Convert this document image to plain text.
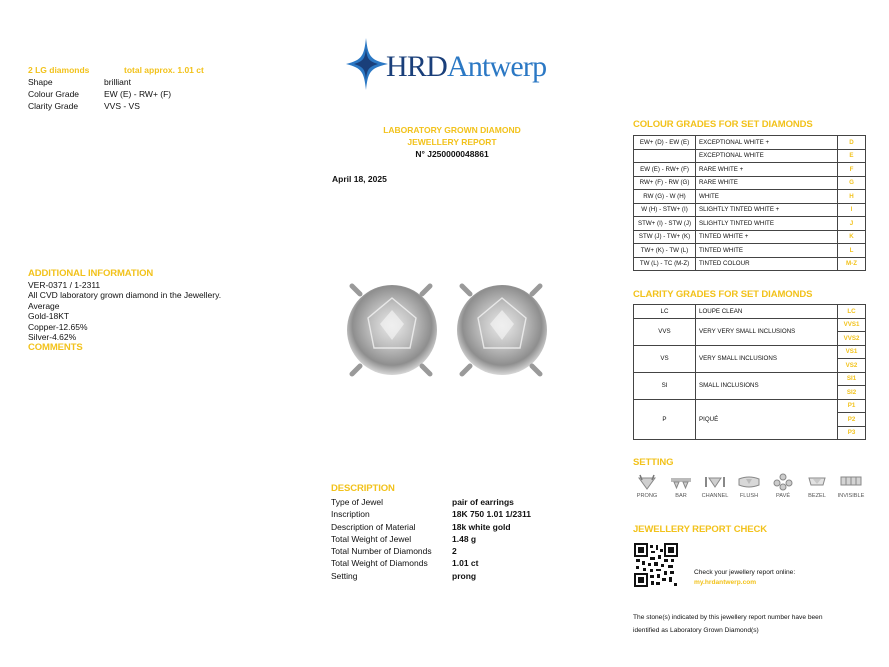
2 LG diamonds	total approx. 1.01 ct
Shape	brilliant
Colour Grade	EW (E) - RW+ (F)
Clarity Grade	VVS - VS
ADDITIONAL INFORMATION
VER-0371 / 1-2311
All CVD laboratory grown diamond in the Jewellery.
Average
Gold-18KT
Copper-12.65%
Silver-4.62%
COMMENTS
HRDAntwerp
LABORATORY GROWN DIAMOND
JEWELLERY REPORT
N° J250000048861
April 18, 2025
DESCRIPTION
Type of Jewel	pair of earrings
Inscription	18K 750 1.01 1/2311
Description of Material	18k white gold
Total Weight of Jewel	1.48 g
Total Number of Diamonds	2
Total Weight of Diamonds	1.01 ct
Setting	prong
COLOUR GRADES FOR SET DIAMONDS
EW+ (D) - EW (E)	EXCEPTIONAL WHITE +	D
	EXCEPTIONAL WHITE	E
EW (E) - RW+ (F)	RARE WHITE +	F
RW+ (F) - RW (G)	RARE WHITE	G
RW (G) - W (H)	WHITE	H
W (H) - STW+ (I)	SLIGHTLY TINTED WHITE +	I
STW+ (I) - STW (J)	SLIGHTLY TINTED WHITE	J
STW (J) - TW+ (K)	TINTED WHITE +	K
TW+ (K) - TW (L)	TINTED WHITE	L
TW (L) - TC (M-Z)	TINTED COLOUR	M-Z
CLARITY GRADES FOR SET DIAMONDS
LC	LOUPE CLEAN	LC
VVS	VERY VERY SMALL INCLUSIONS	VVS1
		VVS2
VS	VERY SMALL INCLUSIONS	VS1
		VS2
SI	SMALL INCLUSIONS	SI1
		SI2
P	PIQUÉ	P1
		P2
		P3
SETTING
PRONG	BAR	CHANNEL	FLUSH	PAVÉ	BEZEL	INVISIBLE
JEWELLERY REPORT CHECK
Check your jewellery report online:
my.hrdantwerp.com
The stone(s) indicated by this jewellery report number have been
identified as Laboratory Grown Diamond(s)
